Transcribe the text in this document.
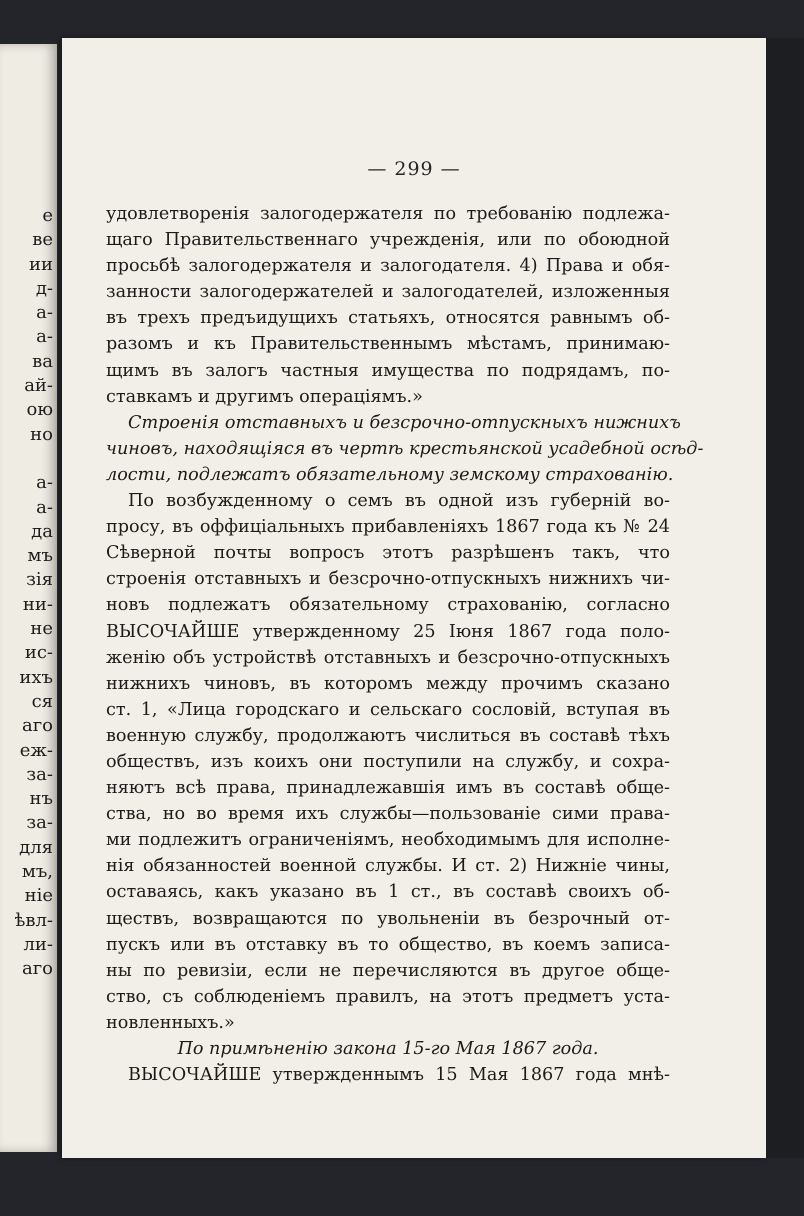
е
ве
ии
д-
а-
а-
ва
ай-
ою
но
а-
а-
да
мъ
зія
ни-
не
ис-
ихъ
ся
аго
еж-
за-
нъ
за-
для
мъ,
ніе
ѣвл-
ли-
аго
— 299 —
удовлетворенія залогодержателя по требованію подлежа-
щаго Правительственнаго учрежденія, или по обоюдной
просьбѣ залогодержателя и залогодателя. 4) Права и обя-
занности залогодержателей и залогодателей, изложенныя
въ трехъ предъидущихъ статьяхъ, относятся равнымъ об-
разомъ и къ Правительственнымъ мѣстамъ, принимаю-
щимъ въ залогъ частныя имущества по подрядамъ, по-
ставкамъ и другимъ операціямъ.»
Строенія отставныхъ и безсрочно-отпускныхъ нижнихъ
чиновъ, находящіяся въ чертѣ крестьянской усадебной осѣд-
лости, подлежатъ обязательному земскому страхованію.
По возбужденному о семъ въ одной изъ губерній во-
просу, въ оффиціальныхъ прибавленіяхъ 1867 года къ № 24
Сѣверной почты вопросъ этотъ разрѣшенъ такъ, что
строенія отставныхъ и безсрочно-отпускныхъ нижнихъ чи-
новъ подлежатъ обязательному страхованію, согласно
ВЫСОЧАЙШЕ утвержденному 25 Іюня 1867 года поло-
женію объ устройствѣ отставныхъ и безсрочно-отпускныхъ
нижнихъ чиновъ, въ которомъ между прочимъ сказано
ст. 1, «Лица городскаго и сельскаго сословій, вступая въ
военную службу, продолжаютъ числиться въ составѣ тѣхъ
обществъ, изъ коихъ они поступили на службу, и сохра-
няютъ всѣ права, принадлежавшія имъ въ составѣ обще-
ства, но во время ихъ службы—пользованіе сими права-
ми подлежитъ ограниченіямъ, необходимымъ для исполне-
нія обязанностей военной службы. И ст. 2) Нижніе чины,
оставаясь, какъ указано въ 1 ст., въ составѣ своихъ об-
ществъ, возвращаются по увольненіи въ безрочный от-
пускъ или въ отставку въ то общество, въ коемъ записа-
ны по ревизіи, если не перечисляются въ другое обще-
ство, съ соблюденіемъ правилъ, на этотъ предметъ уста-
новленныхъ.»
По примѣненію закона 15-го Мая 1867 года.
ВЫСОЧАЙШЕ утвержденнымъ 15 Мая 1867 года мнѣ-
